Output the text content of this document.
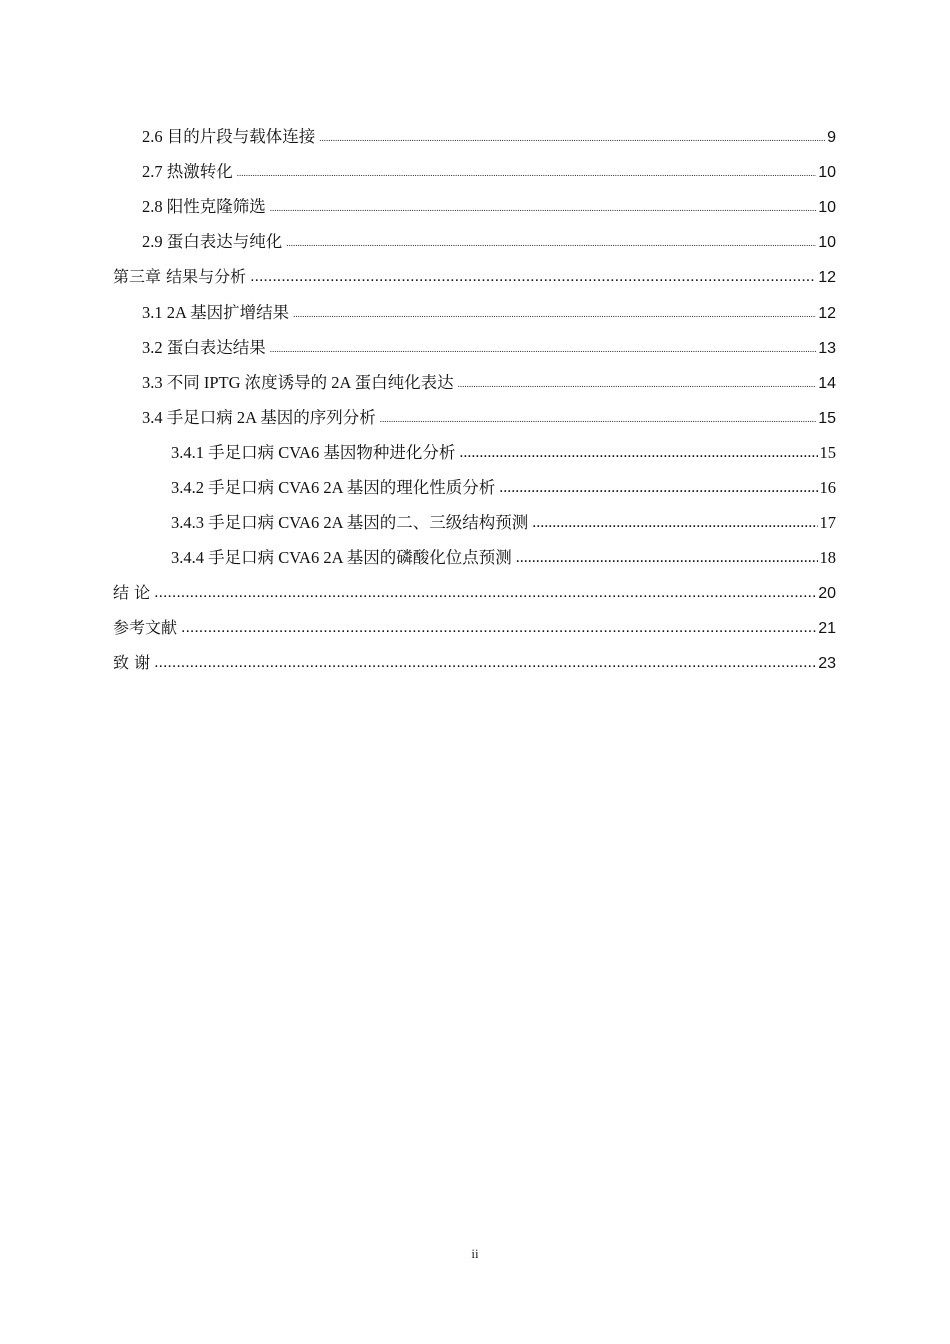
2.6 目的片段与载体连接 .....	9
2.7 热激转化 .....	10
2.8 阳性克隆筛选 .....	10
2.9 蛋白表达与纯化 .....	10
第三章 结果与分析 .....	12
3.1 2A 基因扩增结果 .....	12
3.2 蛋白表达结果 .....	13
3.3 不同 IPTG 浓度诱导的 2A 蛋白纯化表达 .....	14
3.4 手足口病 2A 基因的序列分析 .....	15
3.4.1 手足口病 CVA6 基因物种进化分析 .....	15
3.4.2 手足口病 CVA6 2A 基因的理化性质分析 .....	16
3.4.3 手足口病 CVA6 2A 基因的二、三级结构预测 .....	17
3.4.4 手足口病 CVA6 2A 基因的磷酸化位点预测 .....	18
结 论 .....	20
参考文献 .....	21
致 谢 .....	23
ii
